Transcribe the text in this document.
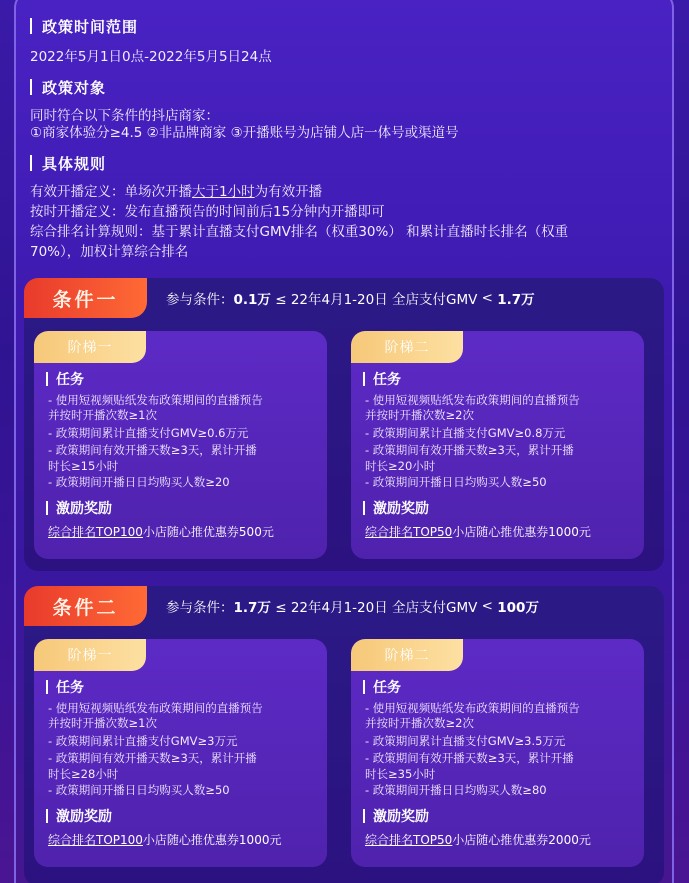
政策时间范围
2022年5月1日0点-2022年5月5日24点
政策对象
同时符合以下条件的抖店商家：
①商家体验分≥4.5 ②非品牌商家 ③开播账号为店铺人店一体号或渠道号
具体规则
有效开播定义：单场次开播大于1小时为有效开播
按时开播定义：发布直播预告的时间前后15分钟内开播即可
综合排名计算规则：基于累计直播支付GMV排名（权重30%） 和累计直播时长排名（权重
70%），加权计算综合排名
条件一	参与条件： 0.1万 ≤ 22年4月1-20日 全店支付GMV < 1.7万
阶梯一
任务
- 使用短视频贴纸发布政策期间的直播预告
并按时开播次数≥1次
- 政策期间累计直播支付GMV≥0.6万元
- 政策期间有效开播天数≥3天，累计开播
时长≥15小时
- 政策期间开播日日均购买人数≥20
激励奖励
综合排名TOP100小店随心推优惠券500元
阶梯二
任务
- 使用短视频贴纸发布政策期间的直播预告
并按时开播次数≥2次
- 政策期间累计直播支付GMV≥0.8万元
- 政策期间有效开播天数≥3天，累计开播
时长≥20小时
- 政策期间开播日日均购买人数≥50
激励奖励
综合排名TOP50小店随心推优惠券1000元
条件二	参与条件： 1.7万 ≤ 22年4月1-20日 全店支付GMV < 100万
阶梯一
任务
- 使用短视频贴纸发布政策期间的直播预告
并按时开播次数≥1次
- 政策期间累计直播支付GMV≥3万元
- 政策期间有效开播天数≥3天，累计开播
时长≥28小时
- 政策期间开播日日均购买人数≥50
激励奖励
综合排名TOP100小店随心推优惠券1000元
阶梯二
任务
- 使用短视频贴纸发布政策期间的直播预告
并按时开播次数≥2次
- 政策期间累计直播支付GMV≥3.5万元
- 政策期间有效开播天数≥3天，累计开播
时长≥35小时
- 政策期间开播日日均购买人数≥80
激励奖励
综合排名TOP50小店随心推优惠券2000元
